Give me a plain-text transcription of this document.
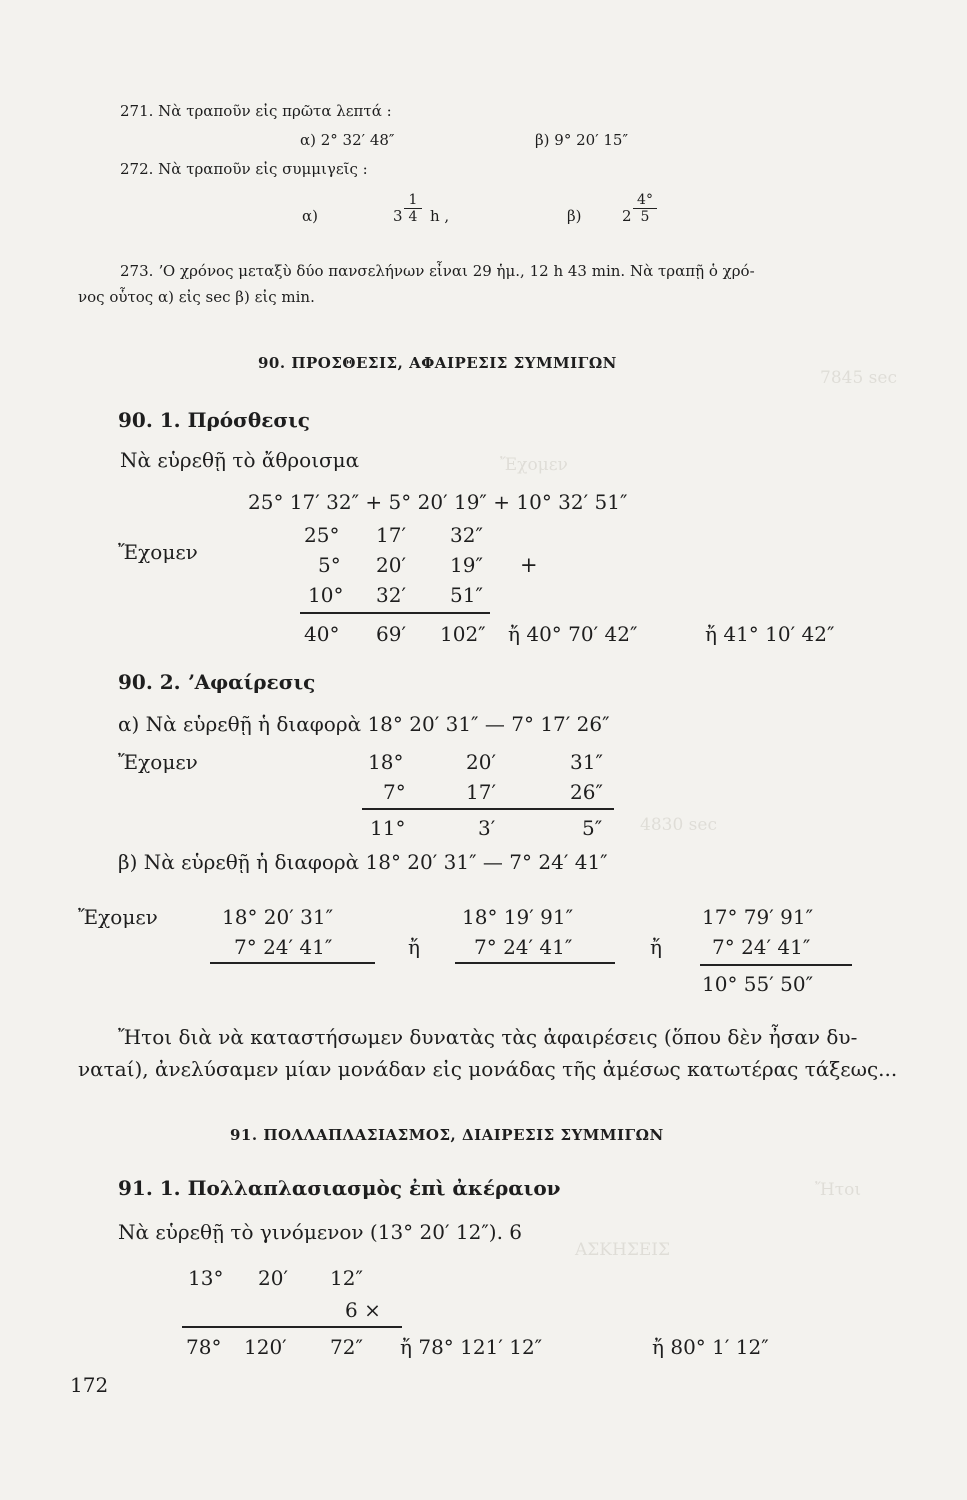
ΑΣΚΗΣΕΙΣ
Ἤτοι
4830 sec
7845 sec
Ἔχομεν
271. Νὰ τραποῦν εἰς πρῶτα λεπτά :
α) 2° 32′ 48″	β) 9° 20′ 15″
272. Νὰ τραποῦν εἰς συμμιγεῖς :
α)	$3 \frac{1}{4}$ h ,	β)	$2 \frac{4^\circ}{5}$
273. ʼΟ χρόνος μεταξὺ δύο πανσελήνων εἶναι 29 ἡμ., 12 h 43 min. Νὰ τραπῇ ὁ χρό-
νος οὗτος α) εἰς sec β) εἰς min.
90. ΠΡΟΣΘΕΣΙΣ, ΑΦΑΙΡΕΣΙΣ ΣΥΜΜΙΓΩΝ
90. 1. Πρόσθεσις
Νὰ εὑρεθῇ τὸ ἄθροισμα
25° 17′ 32″ + 5° 20′ 19″ + 10° 32′ 51″
Ἔχομεν
25° 17′ 32″
5° 20′ 19″ +
10° 32′ 51″
40° 69′ 102″ ἤ 40° 70′ 42″	ἤ 41° 10′ 42″
90. 2. ʼΑφαίρεσις
α) Νὰ εὑρεθῇ ἡ διαφορὰ 18° 20′ 31″ — 7° 17′ 26″
Ἔχομεν	18°	20′	31″
7°	17′	26″
11°	3′	5″
β) Νὰ εὑρεθῇ ἡ διαφορὰ 18° 20′ 31″ — 7° 24′ 41″
Ἔχομεν	18° 20′ 31″
7° 24′ 41″	ἤ
18° 19′ 91″
7° 24′ 41″	ἤ
17° 79′ 91″
7° 24′ 41″
10° 55′ 50″
Ἤτοι διὰ νὰ καταστήσωμεν δυνατὰς τὰς ἀφαιρέσεις (ὅπου δὲν ἦσαν δυ-
νατaί), ἀνελύσαμεν μίαν μονάδαν εἰς μονάδας τῆς ἀμέσως κατωτέρας τάξεως...
91. ΠΟΛΛΑΠΛΑΣΙΑΣΜΟΣ, ΔΙΑΙΡΕΣΙΣ ΣΥΜΜΙΓΩΝ
91. 1. Πολλαπλασιασμὸς ἐπὶ ἀκέραιον
Νὰ εὑρεθῇ τὸ γινόμενον (13° 20′ 12″). 6
13° 20′ 12″
6 ×
78° 120′ 72″ ἤ 78° 121′ 12″	ἤ 80° 1′ 12″
172
